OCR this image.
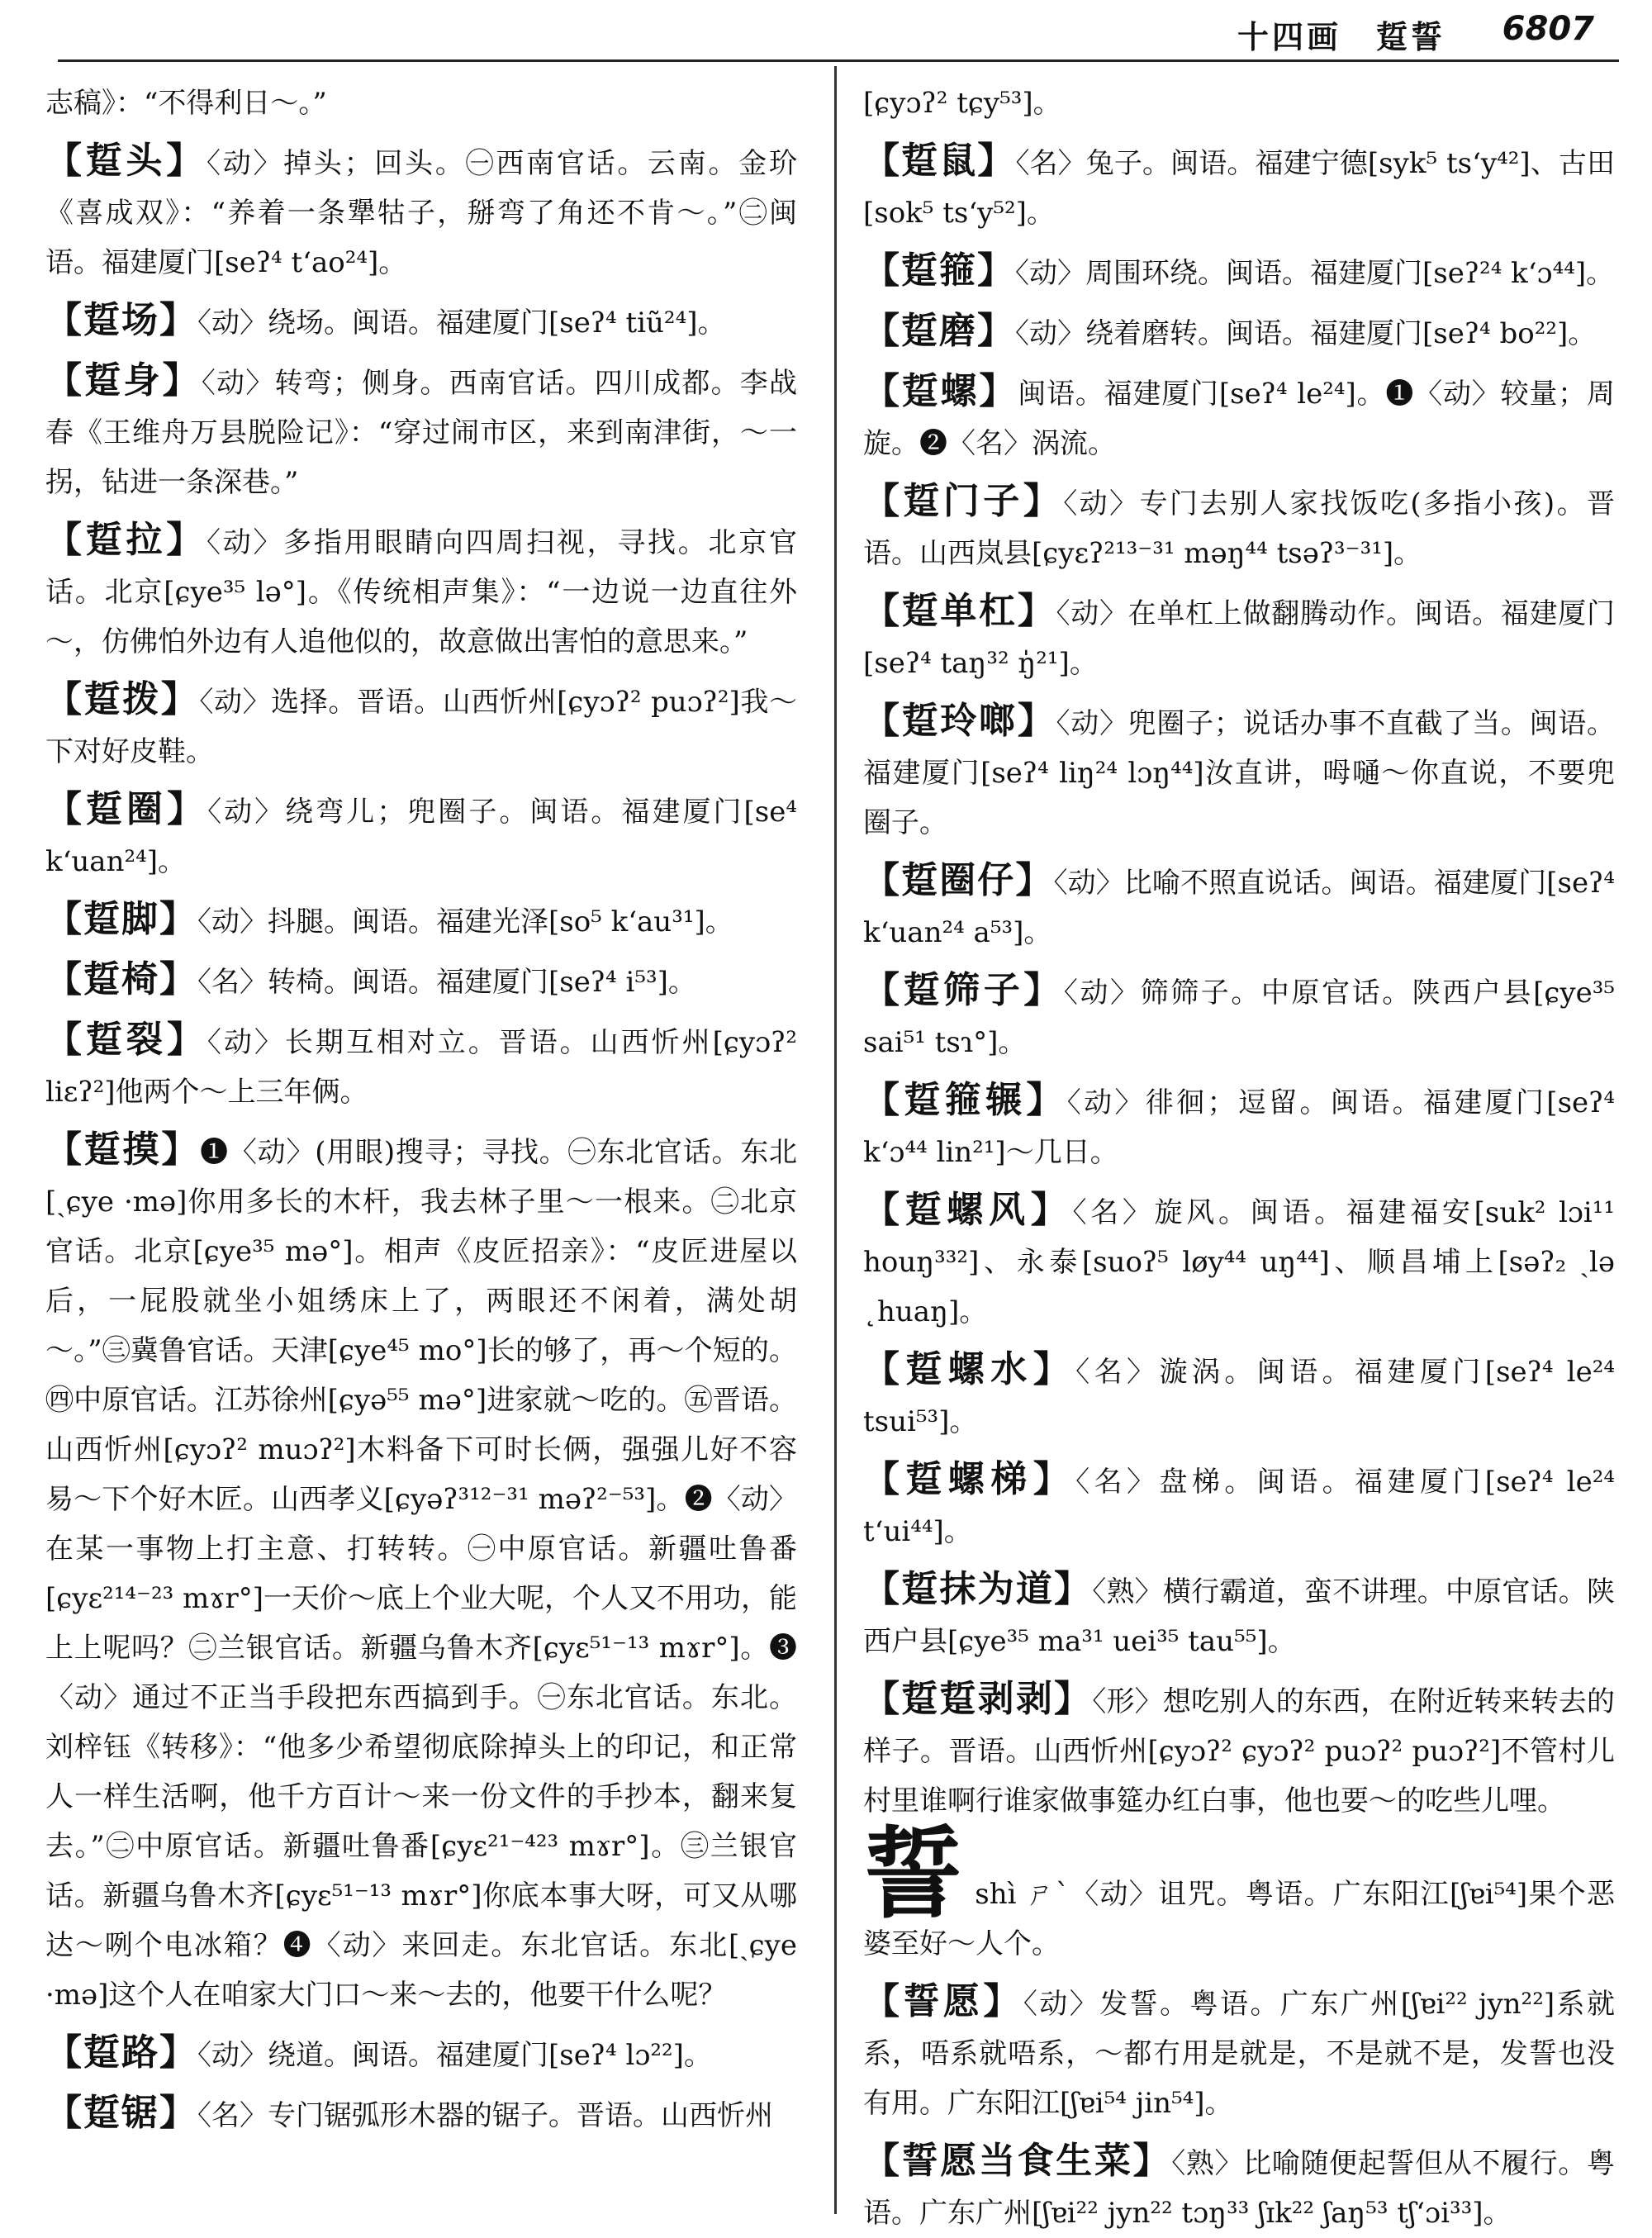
十四画　踅誓 6807
志稿》：“不得利日～。”
【踅头】〈动〉掉头；回头。㊀西南官话。云南。金玠《喜成双》：“养着一条犟牯子，掰弯了角还不肯～。”㊁闽语。福建厦门[seʔ⁴ t‘ao²⁴]。
【踅场】〈动〉绕场。闽语。福建厦门[seʔ⁴ tiũ²⁴]。
【踅身】〈动〉转弯；侧身。西南官话。四川成都。李战春《王维舟万县脱险记》：“穿过闹市区，来到南津街，～一拐，钻进一条深巷。”
【踅拉】〈动〉多指用眼睛向四周扫视，寻找。北京官话。北京[ɕye³⁵ lə°]。《传统相声集》：“一边说一边直往外～，仿佛怕外边有人追他似的，故意做出害怕的意思来。”
【踅拨】〈动〉选择。晋语。山西忻州[ɕyɔʔ² puɔʔ²]我～下对好皮鞋。
【踅圈】〈动〉绕弯儿；兜圈子。闽语。福建厦门[se⁴ k‘uan²⁴]。
【踅脚】〈动〉抖腿。闽语。福建光泽[so⁵ k‘au³¹]。
【踅椅】〈名〉转椅。闽语。福建厦门[seʔ⁴ i⁵³]。
【踅裂】〈动〉长期互相对立。晋语。山西忻州[ɕyɔʔ² liɛʔ²]他两个～上三年俩。
【踅摸】❶〈动〉(用眼)搜寻；寻找。㊀东北官话。东北[ˏɕye ·mə]你用多长的木杆，我去林子里～一根来。㊁北京官话。北京[ɕye³⁵ mə°]。相声《皮匠招亲》：“皮匠进屋以后，一屁股就坐小姐绣床上了，两眼还不闲着，满处胡～。”㊂冀鲁官话。天津[ɕye⁴⁵ mo°]长的够了，再～个短的。㊃中原官话。江苏徐州[ɕyə⁵⁵ mə°]进家就～吃的。㊄晋语。山西忻州[ɕyɔʔ² muɔʔ²]木料备下可时长俩，强强儿好不容易～下个好木匠。山西孝义[ɕyəʔ³¹²⁻³¹ məʔ²⁻⁵³]。❷〈动〉在某一事物上打主意、打转转。㊀中原官话。新疆吐鲁番[ɕyɛ²¹⁴⁻²³ mɤr°]一天价～底上个业大呢，个人又不用功，能上上呢吗？㊁兰银官话。新疆乌鲁木齐[ɕyɛ⁵¹⁻¹³ mɤr°]。❸〈动〉通过不正当手段把东西搞到手。㊀东北官话。东北。刘梓钰《转移》：“他多少希望彻底除掉头上的印记，和正常人一样生活啊，他千方百计～来一份文件的手抄本，翻来复去。”㊁中原官话。新疆吐鲁番[ɕyɛ²¹⁻⁴²³ mɤr°]。㊂兰银官话。新疆乌鲁木齐[ɕyɛ⁵¹⁻¹³ mɤr°]你底本事大呀，可又从哪达～咧个电冰箱？❹〈动〉来回走。东北官话。东北[ˏɕye ·mə]这个人在咱家大门口～来～去的，他要干什么呢？
【踅路】〈动〉绕道。闽语。福建厦门[seʔ⁴ lɔ²²]。
【踅锯】〈名〉专门锯弧形木器的锯子。晋语。山西忻州
[ɕyɔʔ² tɕy⁵³]。
【踅鼠】〈名〉兔子。闽语。福建宁德[syk⁵ ts‘y⁴²]、古田[sok⁵ ts‘y⁵²]。
【踅箍】〈动〉周围环绕。闽语。福建厦门[seʔ²⁴ k‘ɔ⁴⁴]。
【踅磨】〈动〉绕着磨转。闽语。福建厦门[seʔ⁴ bo²²]。
【踅螺】闽语。福建厦门[seʔ⁴ le²⁴]。❶〈动〉较量；周旋。❷〈名〉涡流。
【踅门子】〈动〉专门去别人家找饭吃(多指小孩)。晋语。山西岚县[ɕyɛʔ²¹³⁻³¹ məŋ⁴⁴ tsəʔ³⁻³¹]。
【踅单杠】〈动〉在单杠上做翻腾动作。闽语。福建厦门[seʔ⁴ taŋ³² ŋ̍²¹]。
【踅玲啷】〈动〉兜圈子；说话办事不直截了当。闽语。福建厦门[seʔ⁴ liŋ²⁴ lɔŋ⁴⁴]汝直讲，呣嗵～你直说，不要兜圈子。
【踅圈仔】〈动〉比喻不照直说话。闽语。福建厦门[seʔ⁴ k‘uan²⁴ a⁵³]。
【踅筛子】〈动〉筛筛子。中原官话。陕西户县[ɕye³⁵ sai⁵¹ tsɿ°]。
【踅箍辗】〈动〉徘徊；逗留。闽语。福建厦门[seʔ⁴ k‘ɔ⁴⁴ lin²¹]～几日。
【踅螺风】〈名〉旋风。闽语。福建福安[suk² lɔi¹¹ houŋ³³²]、永泰[suoʔ⁵ løy⁴⁴ uŋ⁴⁴]、顺昌埔上[səʔ₂ ˏlə ˛huaŋ]。
【踅螺水】〈名〉漩涡。闽语。福建厦门[seʔ⁴ le²⁴ tsui⁵³]。
【踅螺梯】〈名〉盘梯。闽语。福建厦门[seʔ⁴ le²⁴ t‘ui⁴⁴]。
【踅抹为道】〈熟〉横行霸道，蛮不讲理。中原官话。陕西户县[ɕye³⁵ ma³¹ uei³⁵ tau⁵⁵]。
【踅踅剥剥】〈形〉想吃别人的东西，在附近转来转去的样子。晋语。山西忻州[ɕyɔʔ² ɕyɔʔ² puɔʔ² puɔʔ²]不管村儿村里谁啊行谁家做事筵办红白事，他也要～的吃些儿哩。
誓shì ㄕˋ〈动〉诅咒。粤语。广东阳江[ʃɐi⁵⁴]果个恶婆至好～人个。
【誓愿】〈动〉发誓。粤语。广东广州[ʃɐi²² jyn²²]系就系，唔系就唔系，～都冇用是就是，不是就不是，发誓也没有用。广东阳江[ʃɐi⁵⁴ jin⁵⁴]。
【誓愿当食生菜】〈熟〉比喻随便起誓但从不履行。粤语。广东广州[ʃɐi²² jyn²² tɔŋ³³ ʃɪk²² ʃaŋ⁵³ tʃ‘ɔi³³]。
